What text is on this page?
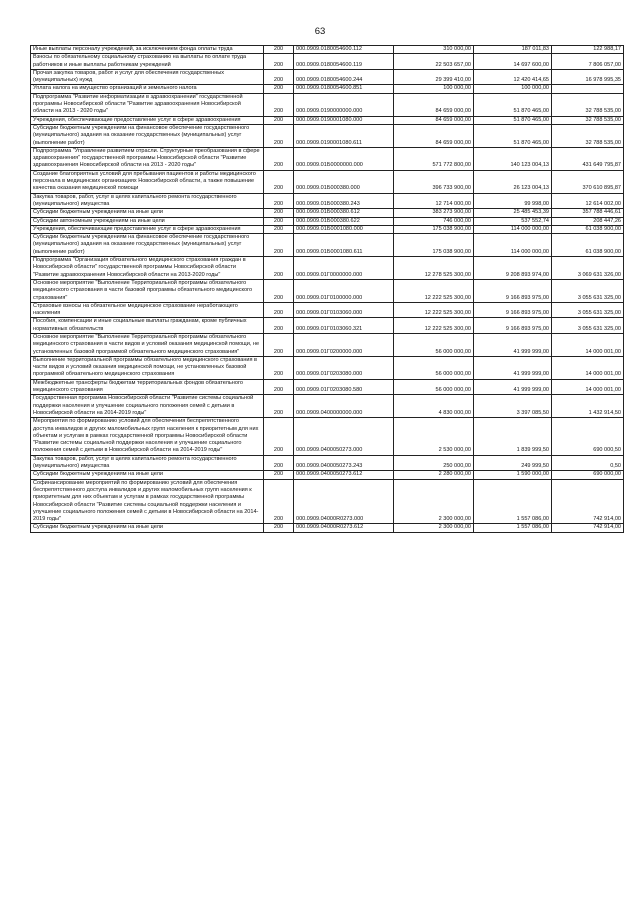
63
Иные выплаты персоналу учреждений, за исключением фонда оплаты труда	200	000.0909.0180054600.112	310 000,00	187 011,83	122 988,17
Взносы по обязательному социальному страхованию на выплаты по оплате труда работников и иные выплаты работникам учреждений	200	000.0909.0180054600.119	22 503 657,00	14 697 600,00	7 806 057,00
Прочая закупка товаров, работ и услуг для обеспечения государственных (муниципальных) нужд	200	000.0909.0180054600.244	29 399 410,00	12 420 414,65	16 978 995,35
Уплата налога на имущество организаций и земельного налога	200	000.0909.0180054600.851	100 000,00	100 000,00	
Подпрограмма "Развитие информатизации в здравоохранении" государственной программы Новосибирской области "Развитие здравоохранения Новосибирской области на 2013 - 2020 годы"	200	000.0909.0190000000.000	84 659 000,00	51 870 465,00	32 788 535,00
Учреждения, обеспечивающие предоставление услуг в сфере здравоохранения	200	000.0909.0190001080.000	84 659 000,00	51 870 465,00	32 788 535,00
Субсидии бюджетным учреждениям на финансовое обеспечение государственного (муниципального) задания на оказание государственных (муниципальных) услуг (выполнение работ)	200	000.0909.0190001080.611	84 659 000,00	51 870 465,00	32 788 535,00
Подпрограмма "Управление развитием отрасли. Структурные преобразования в сфере здравоохранения" государственной программы Новосибирской области "Развитие здравоохранения Новосибирской области на 2013 - 2020 годы"	200	000.0909.01Б0000000.000	571 772 800,00	140 123 004,13	431 649 795,87
Создание благоприятных условий для пребывания пациентов и работы медицинского персонала в медицинских организациях Новосибирской области, а также повышение качества оказания медицинской помощи	200	000.0909.01Б000380.000	396 733 900,00	26 123 004,13	370 610 895,87
Закупка товаров, работ, услуг в целях капитального ремонта государственного (муниципального) имущества	200	000.0909.01Б000380.243	12 714 000,00	99 998,00	12 614 002,00
Субсидии бюджетным учреждениям на иные цели	200	000.0909.01Б000380.612	383 273 900,00	25 485 453,39	357 788 446,61
Субсидии автономным учреждениям на иные цели	200	000.0909.01Б000380.622	746 000,00	537 552,74	208 447,26
Учреждения, обеспечивающие предоставление услуг в сфере здравоохранения	200	000.0909.01Б0001080.000	175 038 900,00	114 000 000,00	61 038 900,00
Субсидии бюджетным учреждениям на финансовое обеспечение государственного (муниципального) задания на оказание государственных (муниципальных) услуг (выполнение работ)	200	000.0909.01Б0001080.611	175 038 900,00	114 000 000,00	61 038 900,00
Подпрограмма "Организация обязательного медицинского страхования граждан в Новосибирской области" государственной программы Новосибирской области "Развитие здравоохранения Новосибирской области на 2013-2020 годы"	200	000.0909.01Г0000000.000	12 278 525 300,00	9 208 893 974,00	3 069 631 326,00
Основное мероприятие "Выполнение Территориальной программы обязательного медицинского страхования в части базовой программы обязательного медицинского страхования"	200	000.0909.01Г0100000.000	12 222 525 300,00	9 166 893 975,00	3 055 631 325,00
Страховые взносы на обязательное медицинское страхование неработающего населения	200	000.0909.01Г0103060.000	12 222 525 300,00	9 166 893 975,00	3 055 631 325,00
Пособия, компенсации и иные социальные выплаты гражданам, кроме публичных нормативных обязательств	200	000.0909.01Г0103060.321	12 222 525 300,00	9 166 893 975,00	3 055 631 325,00
Основное мероприятие "Выполнение Территориальной программы обязательного медицинского страхования в части видов и условий оказания медицинской помощи, не установленных базовой программой обязательного медицинского страхования"	200	000.0909.01Г0200000.000	56 000 000,00	41 999 999,00	14 000 001,00
Выполнение территориальной программы обязательного медицинского страхования в части видов и условий оказания медицинской помощи, не установленных базовой программой обязательного медицинского страхования	200	000.0909.01Г0203080.000	56 000 000,00	41 999 999,00	14 000 001,00
Межбюджетные трансферты бюджетам территориальных фондов обязательного медицинского страхования	200	000.0909.01Г0203080.580	56 000 000,00	41 999 999,00	14 000 001,00
Государственная программа Новосибирской области "Развитие системы социальной поддержки населения и улучшение социального положения семей с детьми в Новосибирской области на 2014-2019 годы"	200	000.0909.0400000000.000	4 830 000,00	3 397 085,50	1 432 914,50
Мероприятия по формированию условий для обеспечения беспрепятственного доступа инвалидов и других маломобильных групп населения к приоритетным для них объектам и услугам в рамках государственной программы Новосибирской области "Развитие системы социальной поддержки населения и улучшение социального положения семей с детьми в Новосибирской области на 2014-2019 годы"	200	000.0909.0400050273.000	2 530 000,00	1 839 999,50	690 000,50
Закупка товаров, работ, услуг в целях капитального ремонта государственного (муниципального) имущества	200	000.0909.0400050273.243	250 000,00	249 999,50	0,50
Субсидии бюджетным учреждениям на иные цели	200	000.0909.0400050273.612	2 280 000,00	1 590 000,00	690 000,00
Софинансирование мероприятий по формированию условий для обеспечения беспрепятственного доступа инвалидов и других маломобильных групп населения к приоритетным для них объектам и услугам в рамках государственной программы Новосибирской области "Развитие системы социальной поддержки населения и улучшение социального положения семей с детьми в Новосибирской области на 2014-2019 годы"	200	000.0909.04000R0273.000	2 300 000,00	1 557 086,00	742 914,00
Субсидии бюджетным учреждениям на иные цели	200	000.0909.04000R0273.612	2 300 000,00	1 557 086,00	742 914,00
